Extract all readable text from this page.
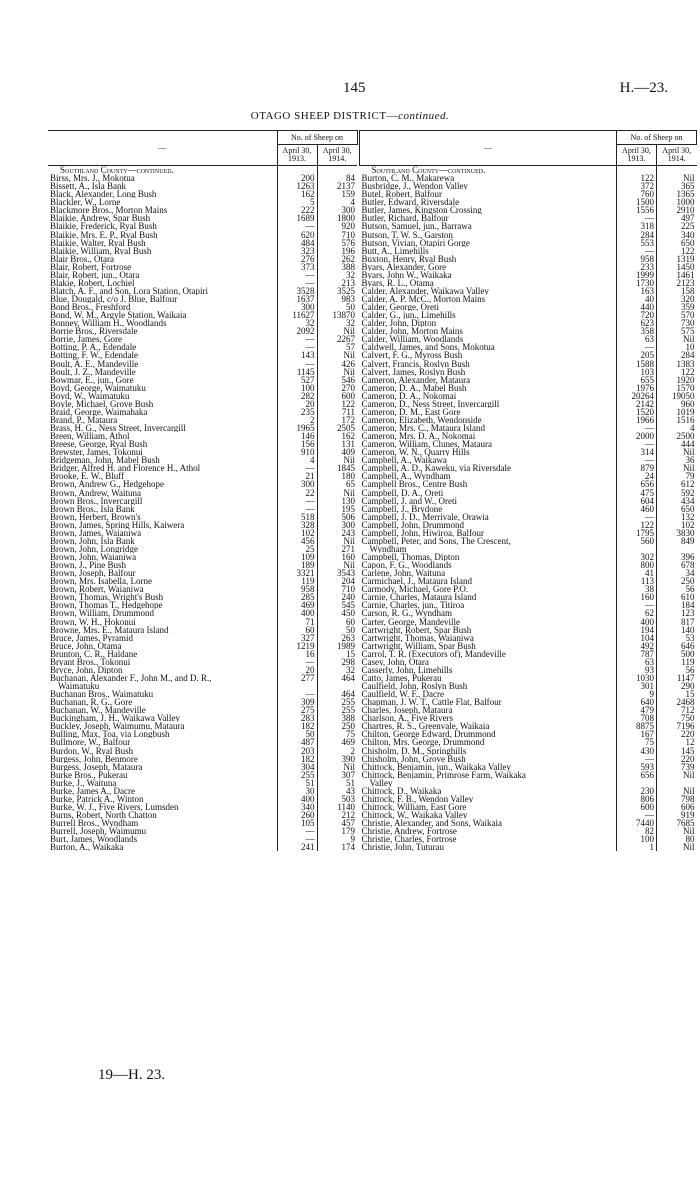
145	H.—23.
OTAGO SHEEP DISTRICT—continued.
—	No. of Sheep on	
	April 30, 1913.	April 30, 1914.
Southland County—continued.		
Birss, Mrs. J., Mokotua	200	84
Bissett, A., Isla Bank	1263	2137
Black, Alexander, Long Bush	162	159
Blackler, W., Lorne	5	4
Blackmore Bros., Morton Mains	222	300
Blaikie, Andrew, Spar Bush	1689	1800
Blaikie, Frederick, Ryal Bush	—	920
Blaikie, Mrs. E. P., Ryal Bush	620	710
Blaikie, Walter, Ryal Bush	484	576
Blaikie, William, Ryal Bush	323	196
Blair Bros., Otara	276	262
Blair, Robert, Fortrose	373	388
Blair, Robert, jun., Otara	—	32
Blakie, Robert, Lochiel	—	213
Blatch, A. F., and Son, Lora Station, Otapiri	3528	3525
Blue, Dougald, c/o J. Blue, Balfour	1637	983
Bond Bros., Freshford	300	50
Bond, W. M., Argyle Station, Waikaia	11627	13870
Bonney, William H., Woodlands	32	32
Borrie Bros., Riversdale	2092	Nil
Borrie, James, Gore	—	2267
Botting, P. A., Edendale	—	57
Botting, F. W., Edendale	143	Nil
Boult, A. E., Mandeville	—	426
Boult, J. Z., Mandeville	1145	Nil
Bowmar, E., jun., Gore	527	546
Boyd, George, Waimatuku	100	270
Boyd, W., Waimatuku	282	600
Boyle, Michael, Grove Bush	20	122
Braid, George, Waimahaka	235	711
Brand, P., Mataura	2	172
Brass, H. G., Ness Street, Invercargill	1965	2505
Breen, William, Athol	146	162
Breese, George, Ryal Bush	156	131
Brewster, James, Tokonui	910	409
Bridgeman, John, Mabel Bush	4	Nil
Bridger, Alfred H. and Florence H., Athol	—	1845
Brooke, E. W., Bluff	21	180
Brown, Andrew G., Hedgehope	300	65
Brown, Andrew, Waituna	22	Nil
Brown Bros., Invercargill	—	130
Brown Bros., Isla Bank	—	195
Brown, Herbert, Brown's	518	506
Brown, James, Spring Hills, Kaiwera	328	300
Brown, James, Waianiwa	102	243
Brown, John, Isla Bank	456	Nil
Brown, John, Longridge	25	271
Brown, John, Waianiwa	109	160
Brown, J., Pine Bush	189	Nil
Brown, Joseph, Balfour	3321	3543
Brown, Mrs. Isabella, Lorne	119	204
Brown, Robert, Waianiwa	958	710
Brown, Thomas, Wright's Bush	285	240
Brown, Thomas T., Hedgehope	469	545
Brown, William, Drummond	400	450
Brown, W. H., Hokonui	71	60
Browne, Mrs. E., Mataura Island	60	50
Bruce, James, Pyramid	327	263
Bruce, John, Otama	1219	1989
Brunton, C. R., Haldane	16	15
Bryant Bros., Tokonui	—	298
Bryce, John, Dipton	20	32
Buchanan, Alexander F., John M., and D. R.,	277	464
Waimatuku		
Buchanan Bros., Waimatuku	—	464
Buchanan, R. G., Gore	309	255
Buchanan, W., Mandeville	275	255
Buckingham, J. H., Waikawa Valley	283	388
Buckley, Joseph, Waimumu, Mataura	182	250
Bulling, Max, Toa, via Longbush	50	75
Bullmore, W., Balfour	487	469
Burdon, W., Ryal Bush	203	2
Burgess, John, Benmore	182	390
Burgess, Joseph, Mataura	304	Nil
Burke Bros., Pukerau	255	307
Burke, J., Waituna	51	51
Burke, James A., Dacre	30	43
Burke, Patrick A., Winton	400	503
Burke, W. J., Five Rivers, Lumsden	340	1140
Burns, Robert, North Chatton	260	212
Burrell Bros., Wyndham	105	457
Burrell, Joseph, Waimumu	—	179
Burt, James, Woodlands	—	9
Burton, A., Waikaka	241	174
—	No. of Sheep on	
	April 30, 1913.	April 30, 1914.
Southland County—continued.		
Burton, C. M., Makarewa	122	Nil
Busbridge, J., Wendon Valley	372	365
Butel, Robert, Balfour	760	1365
Butler, Edward, Riversdale	1500	1000
Butler, James, Kingston Crossing	1556	2910
Butler, Richard, Balfour	—	497
Butson, Samuel, jun., Barrawa	318	225
Butson, T. W. S., Garston	284	340
Butson, Vivian, Otapiri Gorge	553	650
Butt, A., Limehills	—	122
Buxton, Henry, Ryal Bush	958	1319
Byars, Alexander, Gore	233	1450
Byars, John W., Waikaka	1999	1461
Byars, R. L., Otama	1730	2123
Calder, Alexander, Waikawa Valley	163	158
Calder, A. P. McC., Morton Mains	40	320
Calder, George, Oreti	440	359
Calder, G., jun., Limehills	720	570
Calder, John, Dipton	623	730
Calder, John, Morton Mains	358	575
Calder, William, Woodlands	63	Nil
Caldwell, James, and Sons, Mokotua	—	10
Calvert, F. G., Myross Bush	205	284
Calvert, Francis, Roslyn Bush	1588	1383
Calvert, James, Roslyn Bush	103	122
Cameron, Alexander, Mataura	655	1920
Cameron, D. A., Mabel Bush	1976	1570
Cameron, D. A., Nokomai	20264	19050
Cameron, D., Ness Street, Invercargill	2142	960
Cameron, D. M., East Gore	1520	1019
Cameron, Elizabeth, Wendonside	1966	1516
Cameron, Mrs. C., Mataura Island	—	4
Cameron, Mrs. D. A., Nokomai	2000	2500
Cameron, William, Clunes, Mataura	—	444
Cameron, W. N., Quarry Hills	314	Nil
Campbell, A., Waikawa	—	36
Campbell, A. D., Kaweku, via Riversdale	879	Nil
Campbell, A., Wyndham	24	79
Campbell Bros., Centre Bush	656	612
Campbell, D. A., Oreti	475	592
Campbell, J. and W., Oreti	604	434
Campbell, J., Brydone	460	650
Campbell, J. D., Merrivale, Orawia	—	132
Campbell, John, Drummond	122	102
Campbell, John, Hiwiroa, Balfour	1795	3830
Campbell, Peter, and Sons, The Crescent,	560	849
Wyndham		
Campbell, Thomas, Dipton	302	396
Capon, F. G., Woodlands	800	678
Carlene, John, Waituna	41	34
Carmichael, J., Mataura Island	113	250
Carmody, Michael, Gore P.O.	38	56
Carnie, Charles, Mataura Island	160	610
Carnie, Charles, jun., Titiroa	—	184
Carson, R. G., Wyndham	62	123
Carter, George, Mandeville	400	817
Cartwright, Robert, Spar Bush	194	140
Cartwright, Thomas, Waianiwa	104	53
Cartwright, William, Spar Bush	492	646
Carrol, T. R. (Executors of), Mandeville	787	500
Casey, John, Otara	63	119
Casserly, John, Limehills	93	56
Catto, James, Pukerau	1030	1147
Caulfield, John, Roslyn Bush	301	290
Caulfield, W. F., Dacre	9	15
Chapman, J. W. T., Cattle Flat, Balfour	640	2468
Charles, Joseph, Mataura	479	712
Charlson, A., Five Rivers	708	750
Chartres, R. S., Greenvale, Waikaia	8875	7196
Chilton, George Edward, Drummond	167	220
Chilton, Mrs. George, Drummond	75	12
Chisholm, D. M., Springhills	430	145
Chisholm, John, Grove Bush	—	220
Chittock, Benjamin, jun., Waikaka Valley	593	739
Chittock, Benjamin, Primrose Farm, Waikaka	656	Nil
Valley		
Chittock, D., Waikaka	230	Nil
Chittock, F. B., Wendon Valley	806	798
Chittock, William, East Gore	600	606
Chittock, W., Waikaka Valley	—	919
Christie, Alexander, and Sons, Waikaia	7440	7685
Christie, Andrew, Fortrose	82	Nil
Christie, Charles, Fortrose	100	80
Christie, John, Tuturau	1	Nil
19—H. 23.
